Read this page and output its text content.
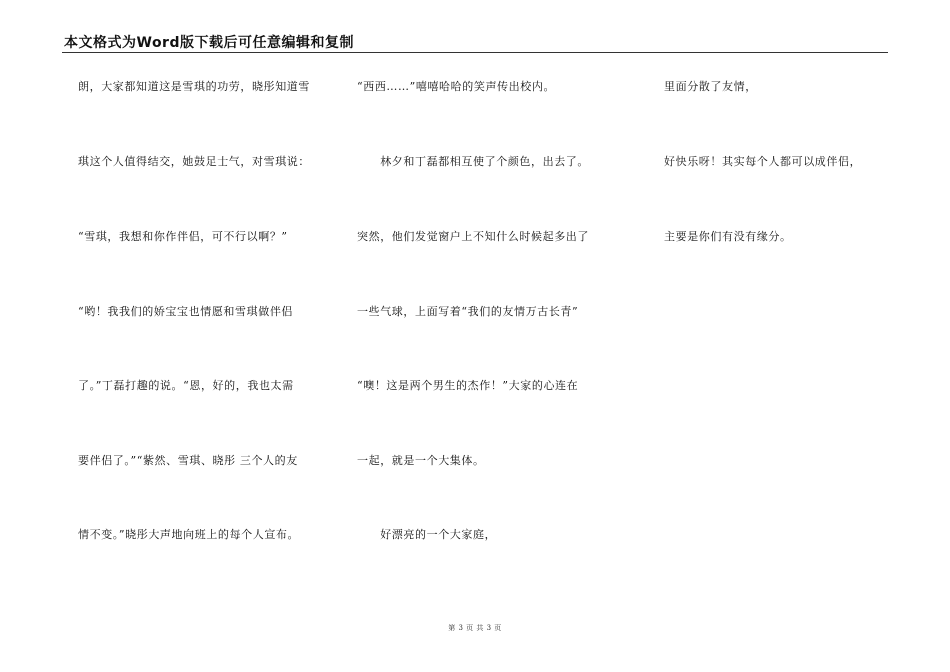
本文格式为Word版下载后可任意编辑和复制
朗，大家都知道这是雪琪的功劳，晓彤知道雪
琪这个人值得结交，她鼓足士气，对雪琪说：
“雪琪，我想和你作伴侣，可不行以啊？”
“哟！我我们的娇宝宝也情愿和雪琪做伴侣
了。”丁磊打趣的说。“恩，好的，我也太需
要伴侣了。”“紫然、雪琪、晓彤 三个人的友
情不变。”晓彤大声地向班上的每个人宣布。
“西西……”嘻嘻哈哈的笑声传出校内。
　　林夕和丁磊都相互使了个颜色，出去了。
突然，他们发觉窗户上不知什么时候起多出了
一些气球，上面写着“我们的友情万古长青”
“噢！这是两个男生的杰作！”大家的心连在
一起，就是一个大集体。
　　好漂亮的一个大家庭，
里面分散了友情，
好快乐呀！其实每个人都可以成伴侣，
主要是你们有没有缘分。
第 3 页 共 3 页
